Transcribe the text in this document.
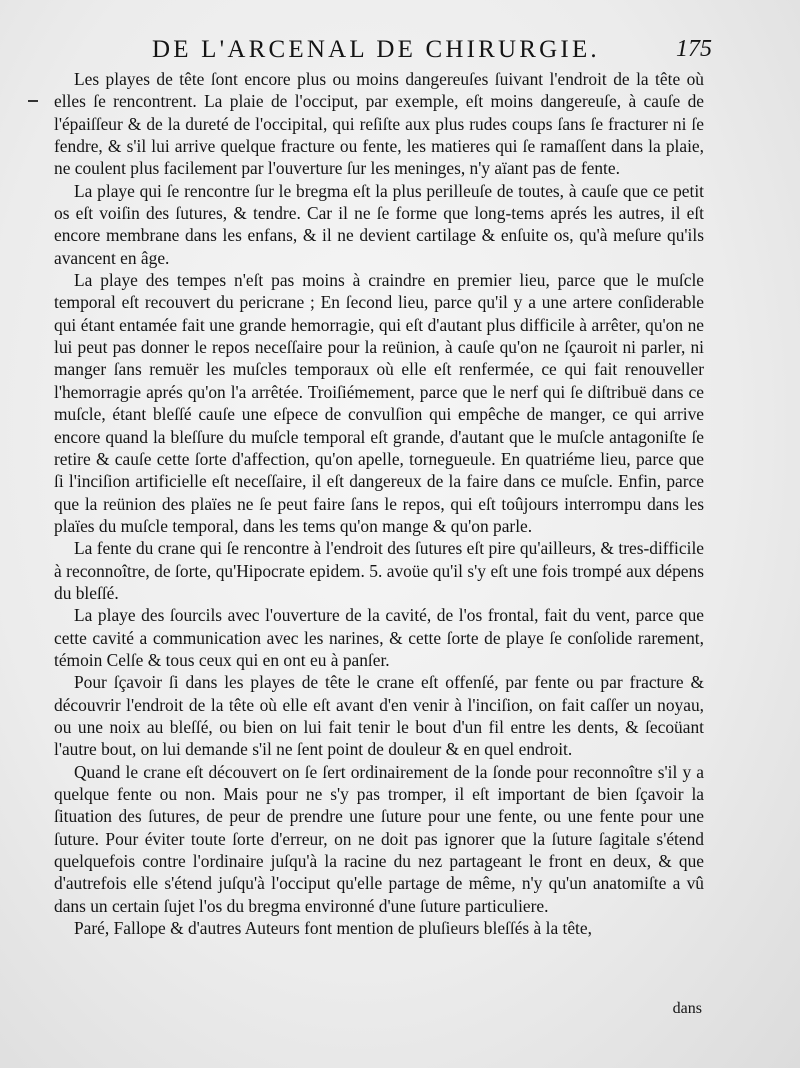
DE L'ARCENAL DE CHIRURGIE.	175

Les playes de tête ſont encore plus ou moins dangereuſes ſuivant l'endroit de la tête où elles ſe rencontrent. La plaie de l'occiput, par exemple, eſt moins dangereuſe, à cauſe de l'épaiſſeur & de la dureté de l'occipital, qui reſiſte aux plus rudes coups ſans ſe fracturer ni ſe fendre, & s'il lui arrive quelque fracture ou fente, les matieres qui ſe ramaſſent dans la plaie, ne coulent plus facilement par l'ouverture ſur les meninges, n'y aïant pas de fente.

La playe qui ſe rencontre ſur le bregma eſt la plus perilleuſe de toutes, à cauſe que ce petit os eſt voiſin des ſutures, & tendre. Car il ne ſe forme que long-tems aprés les autres, il eſt encore membrane dans les enfans, & il ne devient cartilage & enſuite os, qu'à meſure qu'ils avancent en âge.

La playe des tempes n'eſt pas moins à craindre en premier lieu, parce que le muſcle temporal eſt recouvert du pericrane ; En ſecond lieu, parce qu'il y a une artere conſiderable qui étant entamée fait une grande hemorragie, qui eſt d'autant plus difficile à arrêter, qu'on ne lui peut pas donner le repos neceſſaire pour la reünion, à cauſe qu'on ne ſçauroit ni parler, ni manger ſans remuër les muſcles temporaux où elle eſt renfermée, ce qui fait renouveller l'hemorragie aprés qu'on l'a arrêtée. Troiſiémement, parce que le nerf qui ſe diſtribuë dans ce muſcle, étant bleſſé cauſe une eſpece de convulſion qui empêche de manger, ce qui arrive encore quand la bleſſure du muſcle temporal eſt grande, d'autant que le muſcle antagoniſte ſe retire & cauſe cette ſorte d'affection, qu'on apelle, tornegueule. En quatriéme lieu, parce que ſi l'inciſion artificielle eſt neceſſaire, il eſt dangereux de la faire dans ce muſcle. Enfin, parce que la reünion des plaïes ne ſe peut faire ſans le repos, qui eſt toûjours interrompu dans les plaïes du muſcle temporal, dans les tems qu'on mange & qu'on parle.

La fente du crane qui ſe rencontre à l'endroit des ſutures eſt pire qu'ailleurs, & tres-difficile à reconnoître, de ſorte, qu'Hipocrate epidem. 5. avoüe qu'il s'y eſt une fois trompé aux dépens du bleſſé.

La playe des ſourcils avec l'ouverture de la cavité, de l'os frontal, fait du vent, parce que cette cavité a communication avec les narines, & cette ſorte de playe ſe conſolide rarement, témoin Celſe & tous ceux qui en ont eu à panſer.

Pour ſçavoir ſi dans les playes de tête le crane eſt offenſé, par fente ou par fracture & découvrir l'endroit de la tête où elle eſt avant d'en venir à l'inciſion, on fait caſſer un noyau, ou une noix au bleſſé, ou bien on lui fait tenir le bout d'un fil entre les dents, & ſecoüant l'autre bout, on lui demande s'il ne ſent point de douleur & en quel endroit.

Quand le crane eſt découvert on ſe ſert ordinairement de la ſonde pour reconnoître s'il y a quelque fente ou non. Mais pour ne s'y pas tromper, il eſt important de bien ſçavoir la ſituation des ſutures, de peur de prendre une ſuture pour une fente, ou une fente pour une ſuture. Pour éviter toute ſorte d'erreur, on ne doit pas ignorer que la ſuture ſagitale s'étend quelquefois contre l'ordinaire juſqu'à la racine du nez partageant le front en deux, & que d'autrefois elle s'étend juſqu'à l'occiput qu'elle partage de même, n'y qu'un anatomiſte a vû dans un certain ſujet l'os du bregma environné d'une ſuture particuliere.

Paré, Fallope & d'autres Auteurs font mention de pluſieurs bleſſés à la tête,

dans
